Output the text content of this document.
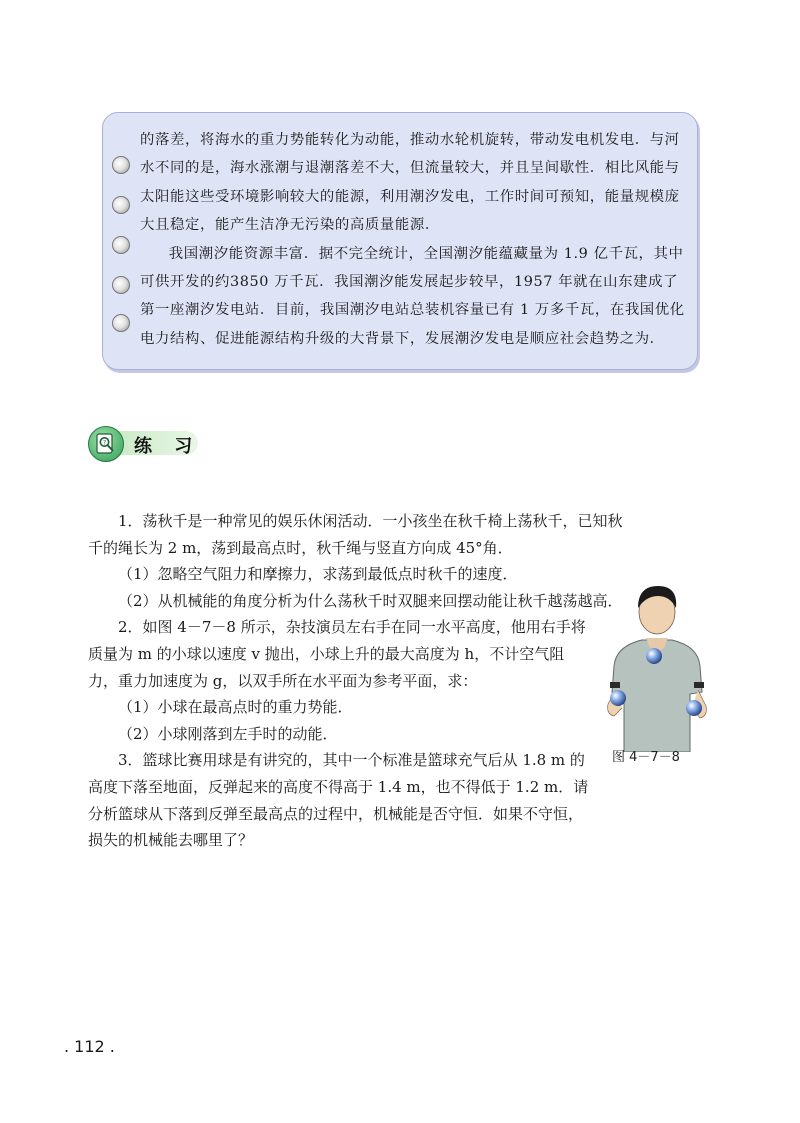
的落差，将海水的重力势能转化为动能，推动水轮机旋转，带动发电机发电．与河水不同的是，海水涨潮与退潮落差不大，但流量较大，并且呈间歇性．相比风能与太阳能这些受环境影响较大的能源，利用潮汐发电，工作时间可预知，能量规模庞大且稳定，能产生洁净无污染的高质量能源．

我国潮汐能资源丰富．据不完全统计，全国潮汐能蕴藏量为 1.9 亿千瓦，其中可供开发的约3850 万千瓦．我国潮汐能发展起步较早，1957 年就在山东建成了第一座潮汐发电站．目前，我国潮汐电站总装机容量已有 1 万多千瓦，在我国优化电力结构、促进能源结构升级的大背景下，发展潮汐发电是顺应社会趋势之为．

? 练 习

1．荡秋千是一种常见的娱乐休闲活动．一小孩坐在秋千椅上荡秋千，已知秋千的绳长为 2 m，荡到最高点时，秋千绳与竖直方向成 45°角．

（1）忽略空气阻力和摩擦力，求荡到最低点时秋千的速度．

（2）从机械能的角度分析为什么荡秋千时双腿来回摆动能让秋千越荡越高．

2．如图 4－7－8 所示，杂技演员左右手在同一水平高度，他用右手将质量为 m 的小球以速度 v 抛出，小球上升的最大高度为 h，不计空气阻力，重力加速度为 g，以双手所在水平面为参考平面，求：

（1）小球在最高点时的重力势能．

（2）小球刚落到左手时的动能．

3．篮球比赛用球是有讲究的，其中一个标准是篮球充气后从 1.8 m 的高度下落至地面，反弹起来的高度不得高于 1.4 m，也不得低于 1.2 m．请分析篮球从下落到反弹至最高点的过程中，机械能是否守恒．如果不守恒，损失的机械能去哪里了？

图 4－7－8
. 112 .
